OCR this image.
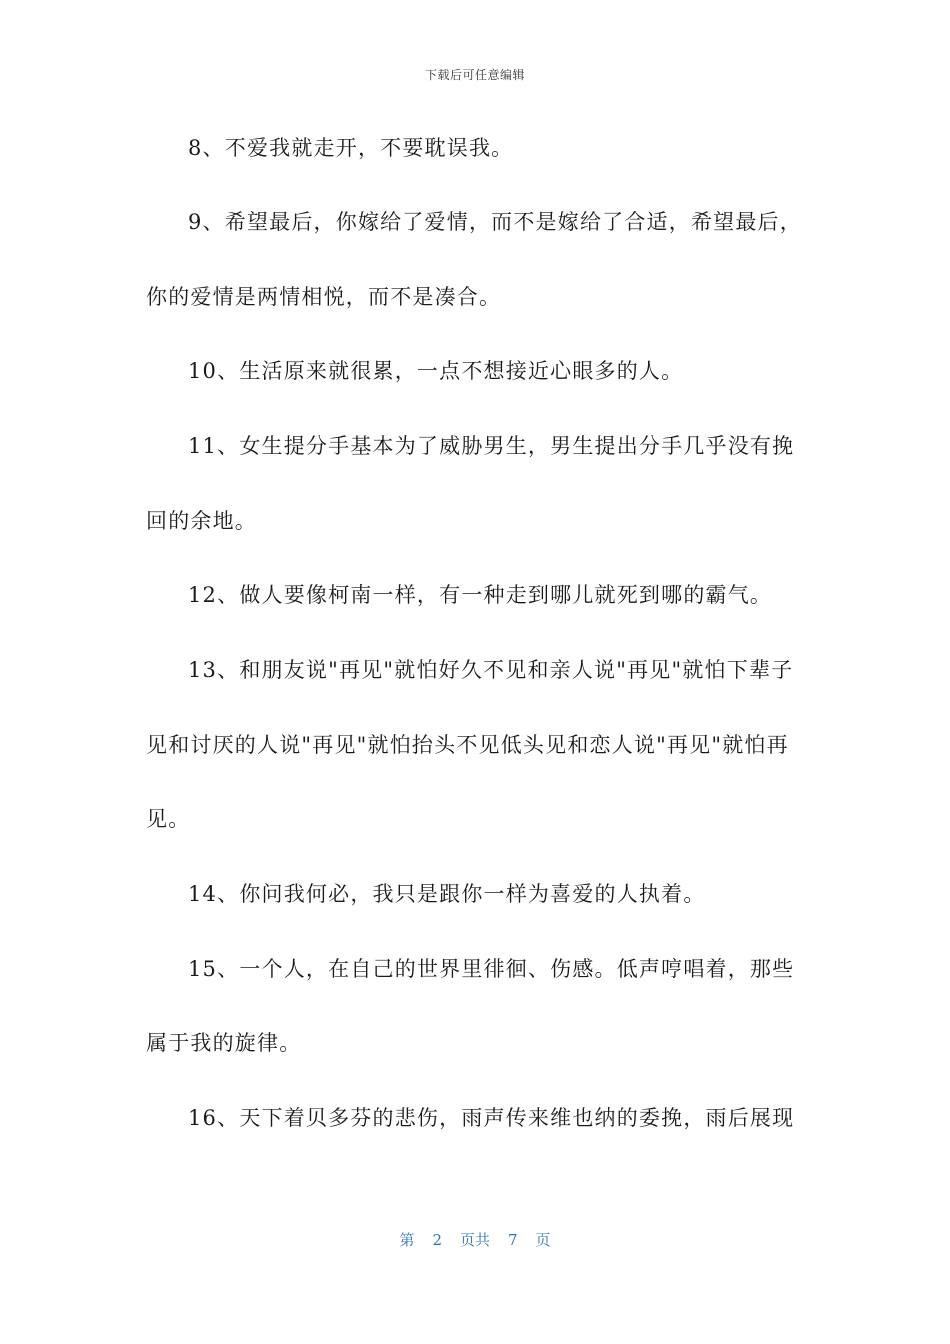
下载后可任意编辑
8、不爱我就走开，不要耽误我。
9、希望最后，你嫁给了爱情，而不是嫁给了合适，希望最后，
你的爱情是两情相悦，而不是凑合。
10、生活原来就很累，一点不想接近心眼多的人。
11、女生提分手基本为了威胁男生，男生提出分手几乎没有挽
回的余地。
12、做人要像柯南一样，有一种走到哪儿就死到哪的霸气。
13、和朋友说"再见"就怕好久不见和亲人说"再见"就怕下辈子
见和讨厌的人说"再见"就怕抬头不见低头见和恋人说"再见"就怕再
见。
14、你问我何必，我只是跟你一样为喜爱的人执着。
15、一个人，在自己的世界里徘徊、伤感。低声哼唱着，那些
属于我的旋律。
16、天下着贝多芬的悲伤，雨声传来维也纳的委挽，雨后展现
第 2 页共 7 页
